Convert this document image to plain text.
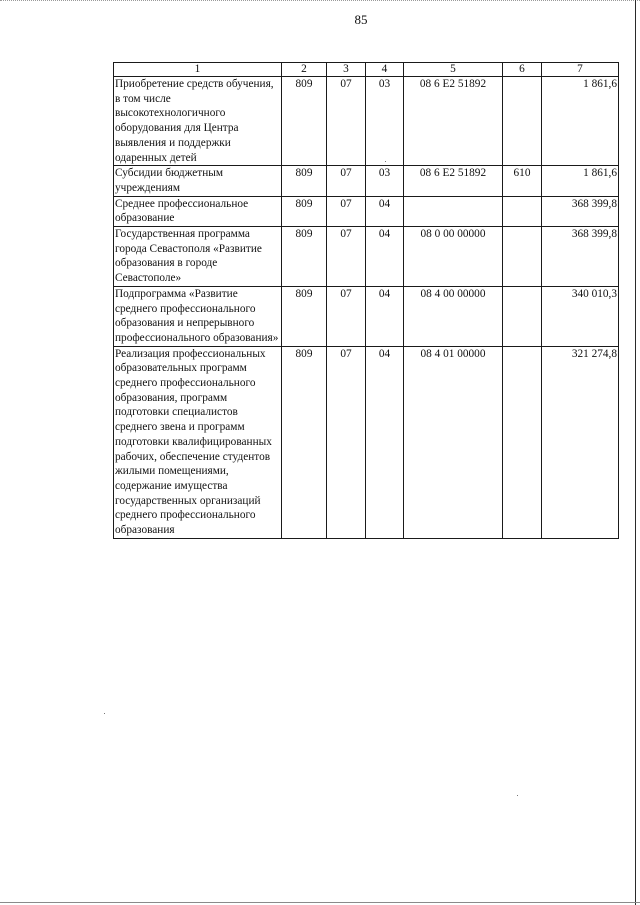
85
1	2	3	4	5	6	7
Приобретение средств обучения, в том числе высокотехнологичного оборудования для Центра выявления и поддержки одаренных детей	809	07	03	08 6 Е2 51892		1 861,6
Субсидии бюджетным учреждениям	809	07	03	08 6 Е2 51892	610	1 861,6
Среднее профессиональное образование	809	07	04			368 399,8
Государственная программа города Севастополя «Развитие образования в городе Севастополе»	809	07	04	08 0 00 00000		368 399,8
Подпрограмма «Развитие среднего профессионального образования и непрерывного профессионального образования»	809	07	04	08 4 00 00000		340 010,3
Реализация профессиональных образовательных программ среднего профессионального образования, программ подготовки специалистов среднего звена и программ подготовки квалифицированных рабочих, обеспечение студентов жилыми помещениями, содержание имущества государственных организаций среднего профессионального образования	809	07	04	08 4 01 00000		321 274,8
